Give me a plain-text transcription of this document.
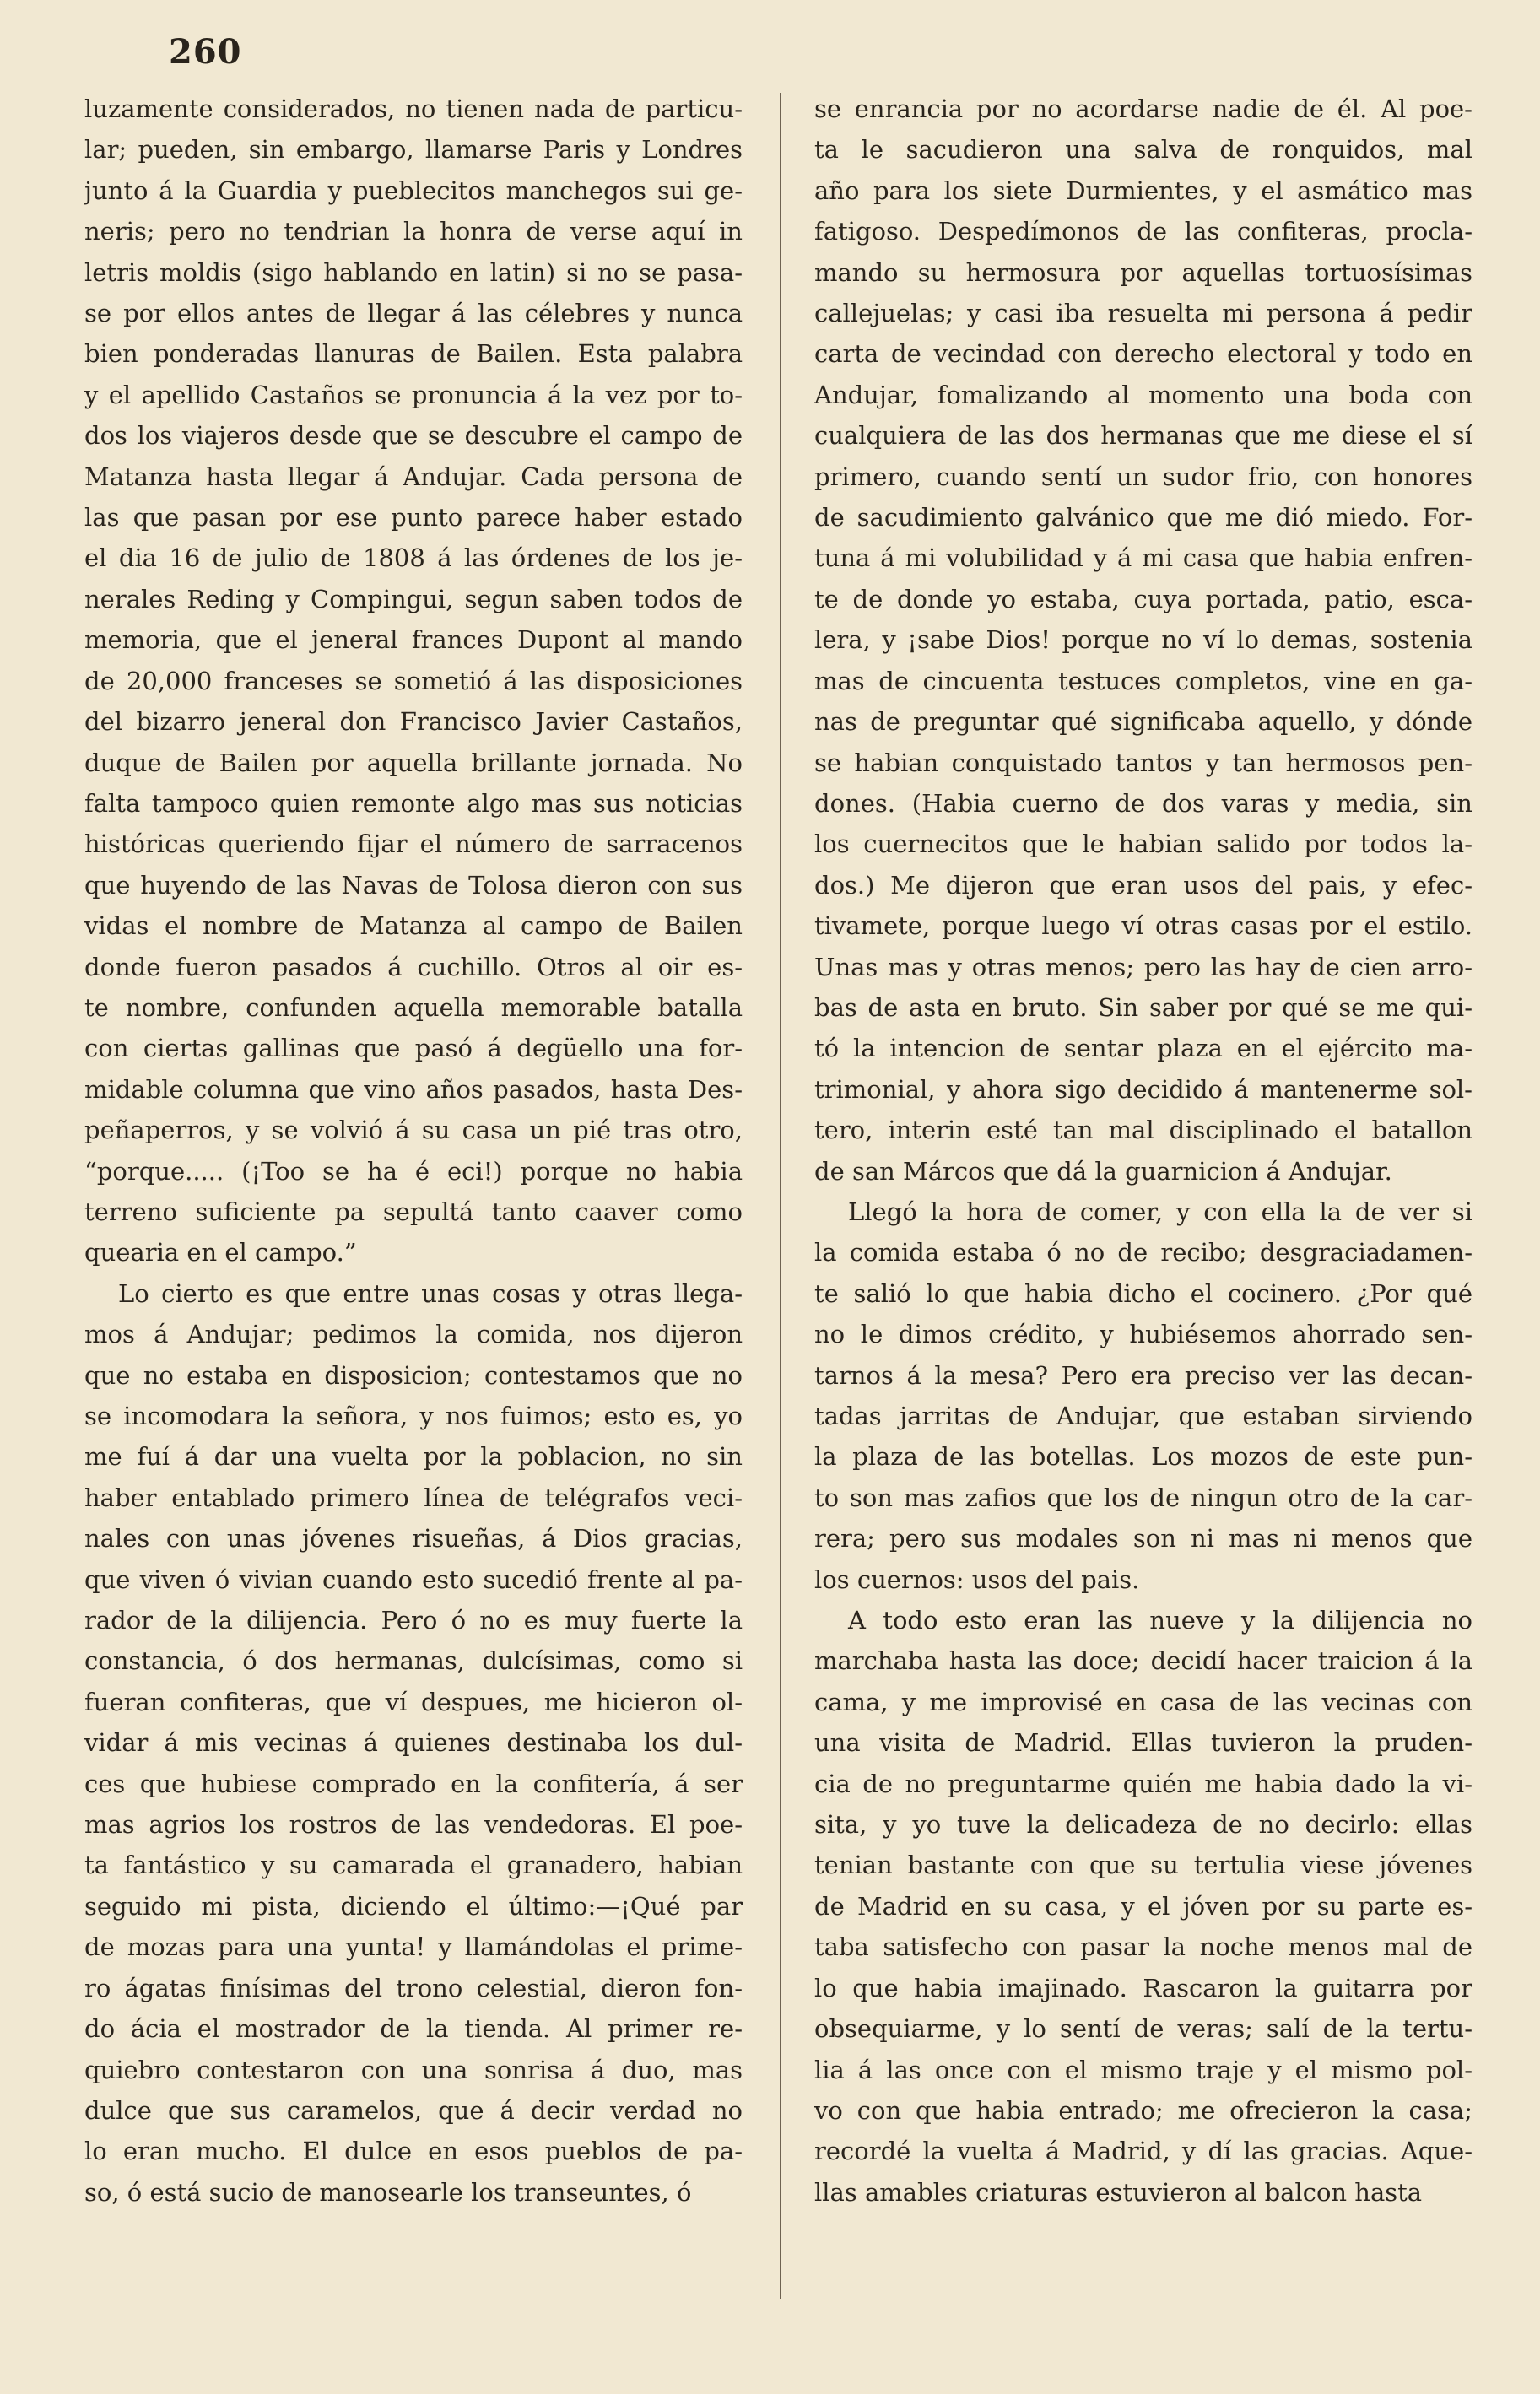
260
luzamente considerados, no tienen nada de particu-
lar; pueden, sin embargo, llamarse Paris y Londres
junto á la Guardia y pueblecitos manchegos sui ge-
neris; pero no tendrian la honra de verse aquí in
letris moldis (sigo hablando en latin) si no se pasa-
se por ellos antes de llegar á las célebres y nunca
bien ponderadas llanuras de Bailen. Esta palabra
y el apellido Castaños se pronuncia á la vez por to-
dos los viajeros desde que se descubre el campo de
Matanza hasta llegar á Andujar. Cada persona de
las que pasan por ese punto parece haber estado
el dia 16 de julio de 1808 á las órdenes de los je-
nerales Reding y Compingui, segun saben todos de
memoria, que el jeneral frances Dupont al mando
de 20,000 franceses se sometió á las disposiciones
del bizarro jeneral don Francisco Javier Castaños,
duque de Bailen por aquella brillante jornada. No
falta tampoco quien remonte algo mas sus noticias
históricas queriendo fijar el número de sarracenos
que huyendo de las Navas de Tolosa dieron con sus
vidas el nombre de Matanza al campo de Bailen
donde fueron pasados á cuchillo. Otros al oir es-
te nombre, confunden aquella memorable batalla
con ciertas gallinas que pasó á degüello una for-
midable columna que vino años pasados, hasta Des-
peñaperros, y se volvió á su casa un pié tras otro,
“porque..... (¡Too se ha é eci!) porque no habia
terreno suficiente pa sepultá tanto caaver como
quearia en el campo.”
Lo cierto es que entre unas cosas y otras llega-
mos á Andujar; pedimos la comida, nos dijeron
que no estaba en disposicion; contestamos que no
se incomodara la señora, y nos fuimos; esto es, yo
me fuí á dar una vuelta por la poblacion, no sin
haber entablado primero línea de telégrafos veci-
nales con unas jóvenes risueñas, á Dios gracias,
que viven ó vivian cuando esto sucedió frente al pa-
rador de la dilijencia. Pero ó no es muy fuerte la
constancia, ó dos hermanas, dulcísimas, como si
fueran confiteras, que ví despues, me hicieron ol-
vidar á mis vecinas á quienes destinaba los dul-
ces que hubiese comprado en la confitería, á ser
mas agrios los rostros de las vendedoras. El poe-
ta fantástico y su camarada el granadero, habian
seguido mi pista, diciendo el último:—¡Qué par
de mozas para una yunta! y llamándolas el prime-
ro ágatas finísimas del trono celestial, dieron fon-
do ácia el mostrador de la tienda. Al primer re-
quiebro contestaron con una sonrisa á duo, mas
dulce que sus caramelos, que á decir verdad no
lo eran mucho. El dulce en esos pueblos de pa-
so, ó está sucio de manosearle los transeuntes, ó
se enrancia por no acordarse nadie de él. Al poe-
ta le sacudieron una salva de ronquidos, mal
año para los siete Durmientes, y el asmático mas
fatigoso. Despedímonos de las confiteras, procla-
mando su hermosura por aquellas tortuosísimas
callejuelas; y casi iba resuelta mi persona á pedir
carta de vecindad con derecho electoral y todo en
Andujar, fomalizando al momento una boda con
cualquiera de las dos hermanas que me diese el sí
primero, cuando sentí un sudor frio, con honores
de sacudimiento galvánico que me dió miedo. For-
tuna á mi volubilidad y á mi casa que habia enfren-
te de donde yo estaba, cuya portada, patio, esca-
lera, y ¡sabe Dios! porque no ví lo demas, sostenia
mas de cincuenta testuces completos, vine en ga-
nas de preguntar qué significaba aquello, y dónde
se habian conquistado tantos y tan hermosos pen-
dones. (Habia cuerno de dos varas y media, sin
los cuernecitos que le habian salido por todos la-
dos.) Me dijeron que eran usos del pais, y efec-
tivamete, porque luego ví otras casas por el estilo.
Unas mas y otras menos; pero las hay de cien arro-
bas de asta en bruto. Sin saber por qué se me qui-
tó la intencion de sentar plaza en el ejército ma-
trimonial, y ahora sigo decidido á mantenerme sol-
tero, interin esté tan mal disciplinado el batallon
de san Márcos que dá la guarnicion á Andujar.
Llegó la hora de comer, y con ella la de ver si
la comida estaba ó no de recibo; desgraciadamen-
te salió lo que habia dicho el cocinero. ¿Por qué
no le dimos crédito, y hubiésemos ahorrado sen-
tarnos á la mesa? Pero era preciso ver las decan-
tadas jarritas de Andujar, que estaban sirviendo
la plaza de las botellas. Los mozos de este pun-
to son mas zafios que los de ningun otro de la car-
rera; pero sus modales son ni mas ni menos que
los cuernos: usos del pais.
A todo esto eran las nueve y la dilijencia no
marchaba hasta las doce; decidí hacer traicion á la
cama, y me improvisé en casa de las vecinas con
una visita de Madrid. Ellas tuvieron la pruden-
cia de no preguntarme quién me habia dado la vi-
sita, y yo tuve la delicadeza de no decirlo: ellas
tenian bastante con que su tertulia viese jóvenes
de Madrid en su casa, y el jóven por su parte es-
taba satisfecho con pasar la noche menos mal de
lo que habia imajinado. Rascaron la guitarra por
obsequiarme, y lo sentí de veras; salí de la tertu-
lia á las once con el mismo traje y el mismo pol-
vo con que habia entrado; me ofrecieron la casa;
recordé la vuelta á Madrid, y dí las gracias. Aque-
llas amables criaturas estuvieron al balcon hasta
